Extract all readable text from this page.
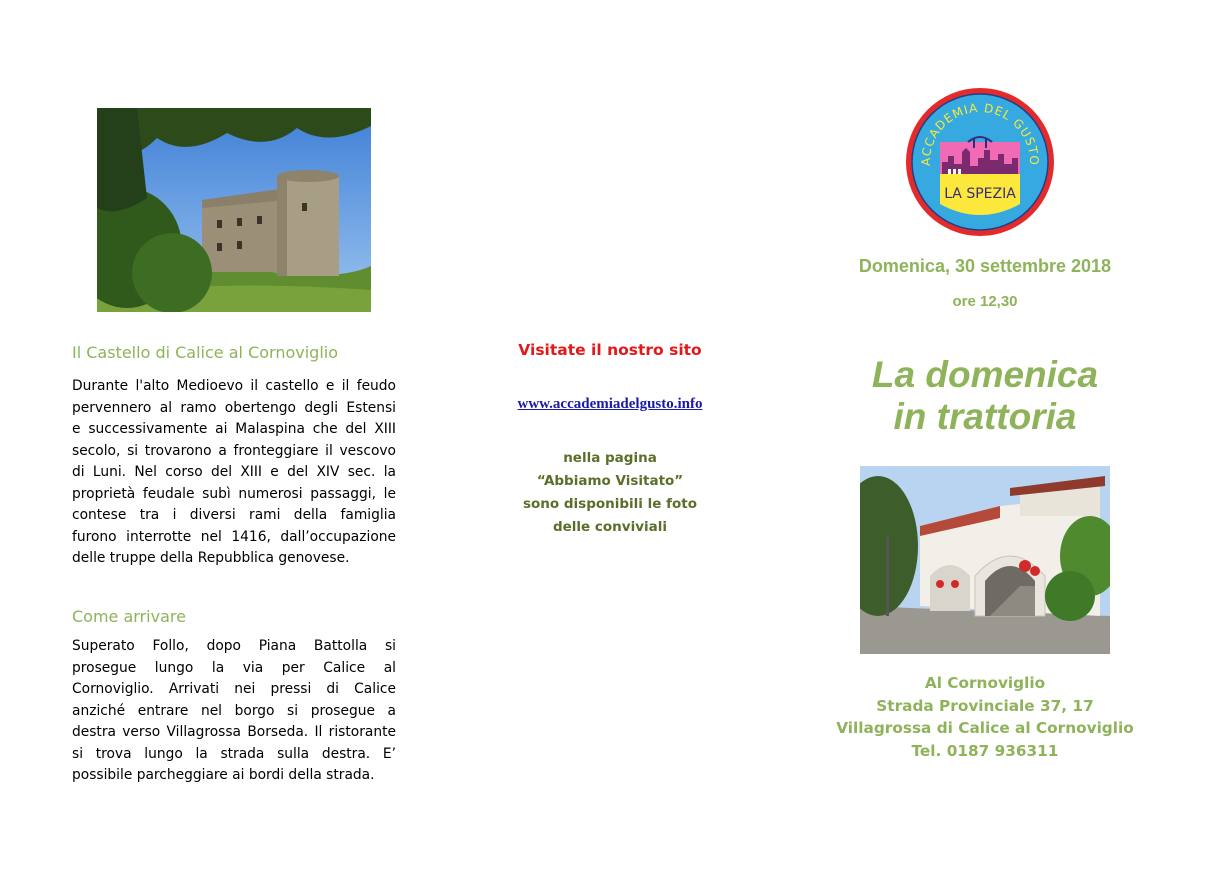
Il Castello di Calice al Cornoviglio
Durante l'alto Medioevo il castello e il feudo
pervennero al ramo obertengo degli Estensi
e successivamente ai Malaspina che del XIII
secolo, si trovarono a fronteggiare il vescovo
di Luni. Nel corso del XIII e del XIV sec. la
proprietà feudale subì numerosi passaggi, le
contese tra i diversi rami della famiglia
furono interrotte nel 1416, dall’occupazione
delle truppe della Repubblica genovese.
Come arrivare
Superato Follo, dopo Piana Battolla si
prosegue lungo la via per Calice al
Cornoviglio. Arrivati nei pressi di Calice
anziché entrare nel borgo si prosegue a
destra verso Villagrossa Borseda. Il ristorante
si trova lungo la strada sulla destra. E’
possibile parcheggiare ai bordi della strada.
Visitate il nostro sito
www.accademiadelgusto.info
nella pagina
“Abbiamo Visitato”
sono disponibili le foto
delle conviviali
ACCADEMIA DEL GUSTO
LA SPEZIA
Domenica, 30 settembre 2018
ore 12,30
La domenica
in trattoria
Al Cornoviglio
Strada Provinciale 37, 17
Villagrossa di Calice al Cornoviglio
Tel. 0187 936311
